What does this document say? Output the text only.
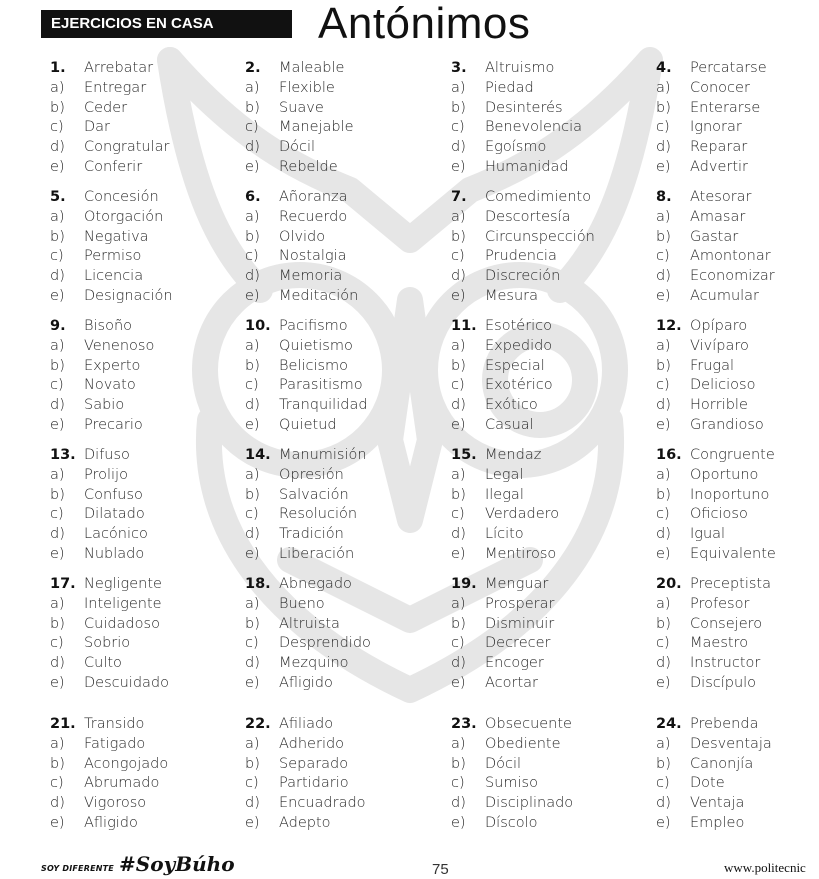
EJERCICIOS EN CASA	Antónimos
1. Arrebatar
a) Entregar
b) Ceder
c) Dar
d) Congratular
e) Conferir
2. Maleable
a) Flexible
b) Suave
c) Manejable
d) Dócil
e) Rebelde
3. Altruismo
a) Piedad
b) Desinterés
c) Benevolencia
d) Egoísmo
e) Humanidad
4. Percatarse
a) Conocer
b) Enterarse
c) Ignorar
d) Reparar
e) Advertir
5. Concesión
a) Otorgación
b) Negativa
c) Permiso
d) Licencia
e) Designación
6. Añoranza
a) Recuerdo
b) Olvido
c) Nostalgia
d) Memoria
e) Meditación
7. Comedimiento
a) Descortesía
b) Circunspección
c) Prudencia
d) Discreción
e) Mesura
8. Atesorar
a) Amasar
b) Gastar
c) Amontonar
d) Economizar
e) Acumular
9. Bisoño
a) Venenoso
b) Experto
c) Novato
d) Sabio
e) Precario
10. Pacifismo
a) Quietismo
b) Belicismo
c) Parasitismo
d) Tranquilidad
e) Quietud
11. Esotérico
a) Expedido
b) Especial
c) Exotérico
d) Exótico
e) Casual
12. Opíparo
a) Vivíparo
b) Frugal
c) Delicioso
d) Horrible
e) Grandioso
13. Difuso
a) Prolijo
b) Confuso
c) Dilatado
d) Lacónico
e) Nublado
14. Manumisión
a) Opresión
b) Salvación
c) Resolución
d) Tradición
e) Liberación
15. Mendaz
a) Legal
b) Ilegal
c) Verdadero
d) Lícito
e) Mentiroso
16. Congruente
a) Oportuno
b) Inoportuno
c) Oficioso
d) Igual
e) Equivalente
17. Negligente
a) Inteligente
b) Cuidadoso
c) Sobrio
d) Culto
e) Descuidado
18. Abnegado
a) Bueno
b) Altruista
c) Desprendido
d) Mezquino
e) Afligido
19. Menguar
a) Prosperar
b) Disminuir
c) Decrecer
d) Encoger
e) Acortar
20. Preceptista
a) Profesor
b) Consejero
c) Maestro
d) Instructor
e) Discípulo
21. Transido
a) Fatigado
b) Acongojado
c) Abrumado
d) Vigoroso
e) Afligido
22. Afiliado
a) Adherido
b) Separado
c) Partidario
d) Encuadrado
e) Adepto
23. Obsecuente
a) Obediente
b) Dócil
c) Sumiso
d) Disciplinado
e) Díscolo
24. Prebenda
a) Desventaja
b) Canonjía
c) Dote
d) Ventaja
e) Empleo
SOY DIFERENTE #SoyBúho	75	www.politecnic
